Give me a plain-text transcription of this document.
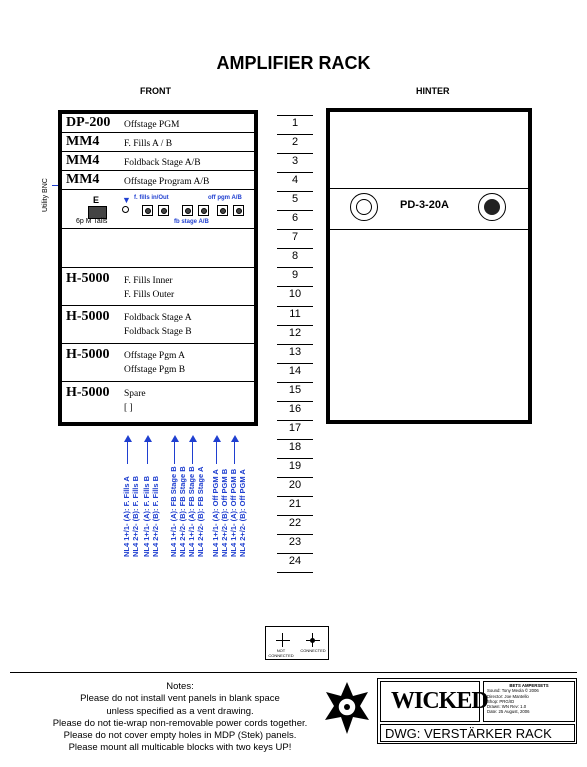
AMPLIFIER RACK
FRONT	HINTER
Utility BNC
DP-200 Offstage PGM
MM4	F. Fills A / B
MM4	Foldback Stage A/B
MM4	Offstage Program A/B
E
6p M Tails
▼ f. fills in/Out	off pgm A/B
fb stage A/B
H-5000 F. Fills Inner
F. Fills Outer
H-5000 Foldback Stage A
Foldback Stage B
H-5000 Offstage Pgm A
Offstage Pgm B
H-5000 Spare
[ ]
PD-3-20A
1
2
3
4
5
6
7
8
9
10
11
12
13
14
15
16
17
18
19
20
21
22
23
24
NL4 1+/1- (A): F. Fills A NL4 2+/2- (B): F. Fills B NL4 1+/1- (A): F. Fills B NL4 2+/2- (B): F. Fills B NL4 1+/1- (A): FB Stage B NL4 2+/2- (B): FB Stage B NL4 1+/1- (A): FB Stage B NL4 2+/2- (B): FB Stage A NL4 1+/1- (A): Off PGM A NL4 2+/2- (B): Off PGM B NL4 1+/1- (A): Off PGM B NL4 2+/2- (B): Off PGM A
NOT CONNECTED
CONNECTED
Notes:
Please do not install vent panels in blank space
unless specified as a vent drawing.
Please do not tie-wrap non-removable power cords together.
Please do not cover empty holes in MDP (Stek) panels.
Please mount all multicable blocks with two keys UP!
WICKED
BETS AMPERSETS
Sound: Tony Meola © 2006
Director: Joe Mantello
Shop: PRG/ID
Drawn: WN Rev: 1.0
Date: 25 August, 2006
DWG: VERSTÄRKER RACK
